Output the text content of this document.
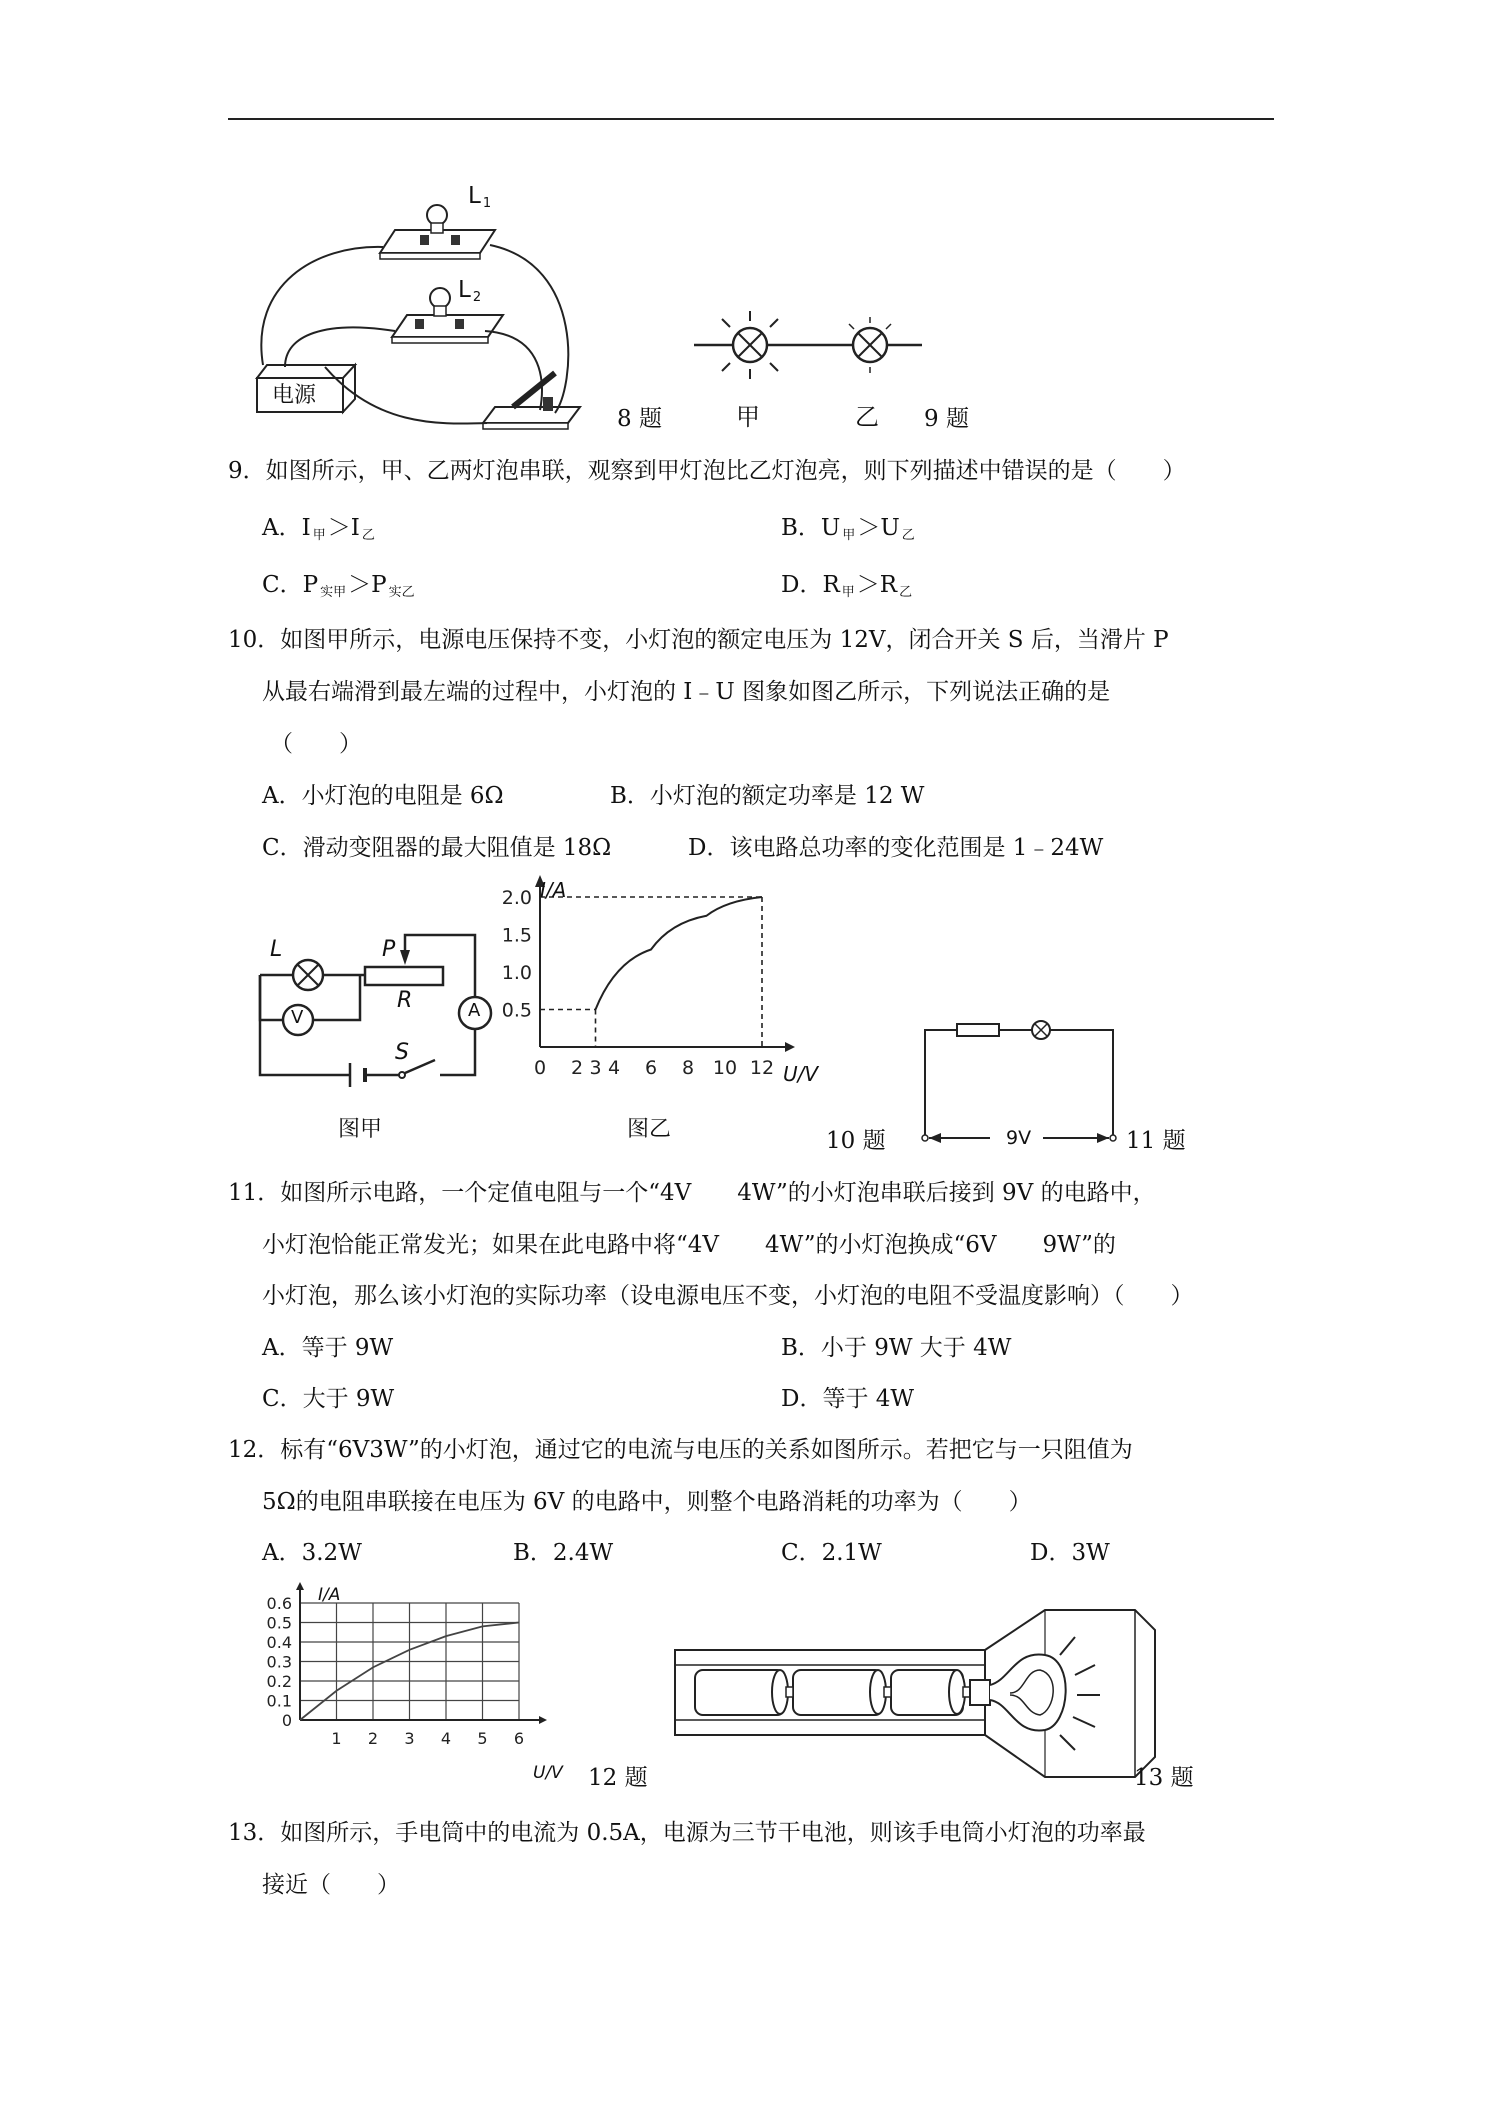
L $_1$
L $_2$
电源
8 题	甲	乙 9 题
9．如图所示，甲、乙两灯泡串联，观察到甲灯泡比乙灯泡亮，则下列描述中错误的是（　　）
A．I $_甲$＞I $_乙$	B．U $_甲$＞U $_乙$
C．P $_{实甲}$＞P $_{实乙}$	D．R $_甲$＞R $_乙$
10．如图甲所示，电源电压保持不变，小灯泡的额定电压为 12V，闭合开关 S 后，当滑片 P
从最右端滑到最左端的过程中，小灯泡的 I﹣U 图象如图乙所示，下列说法正确的是
（　　）
A．小灯泡的电阻是 6Ω	B．小灯泡的额定功率是 12 W
C．滑动变阻器的最大阻值是 18Ω	D．该电路总功率的变化范围是 1﹣24W
L	P
R
V	A
S
图甲
2.0
1.5
1.0
0.5
0 2 3 4 6 8 10 12
I/A
U/V
图乙	9V
10 题	11 题
11．如图所示电路，一个定值电阻与一个“4V　　4W”的小灯泡串联后接到 9V 的电路中，
小灯泡恰能正常发光；如果在此电路中将“4V　　4W”的小灯泡换成“6V　　9W”的
小灯泡，那么该小灯泡的实际功率（设电源电压不变，小灯泡的电阻不受温度影响）（　　）
A．等于 9W	B．小于 9W 大于 4W
C．大于 9W	D．等于 4W
12．标有“6V3W”的小灯泡，通过它的电流与电压的关系如图所示。若把它与一只阻值为
5Ω的电阻串联接在电压为 6V 的电路中，则整个电路消耗的功率为（　　）
A．3.2W	B．2.4W	C．2.1W	D．3W
0.6
0.5
0.4
0.3
0.2
0.1
0
1 2 3 4 5 6
I/A
U/V 12 题	13 题
13．如图所示，手电筒中的电流为 0.5A，电源为三节干电池，则该手电筒小灯泡的功率最
接近（　　）
